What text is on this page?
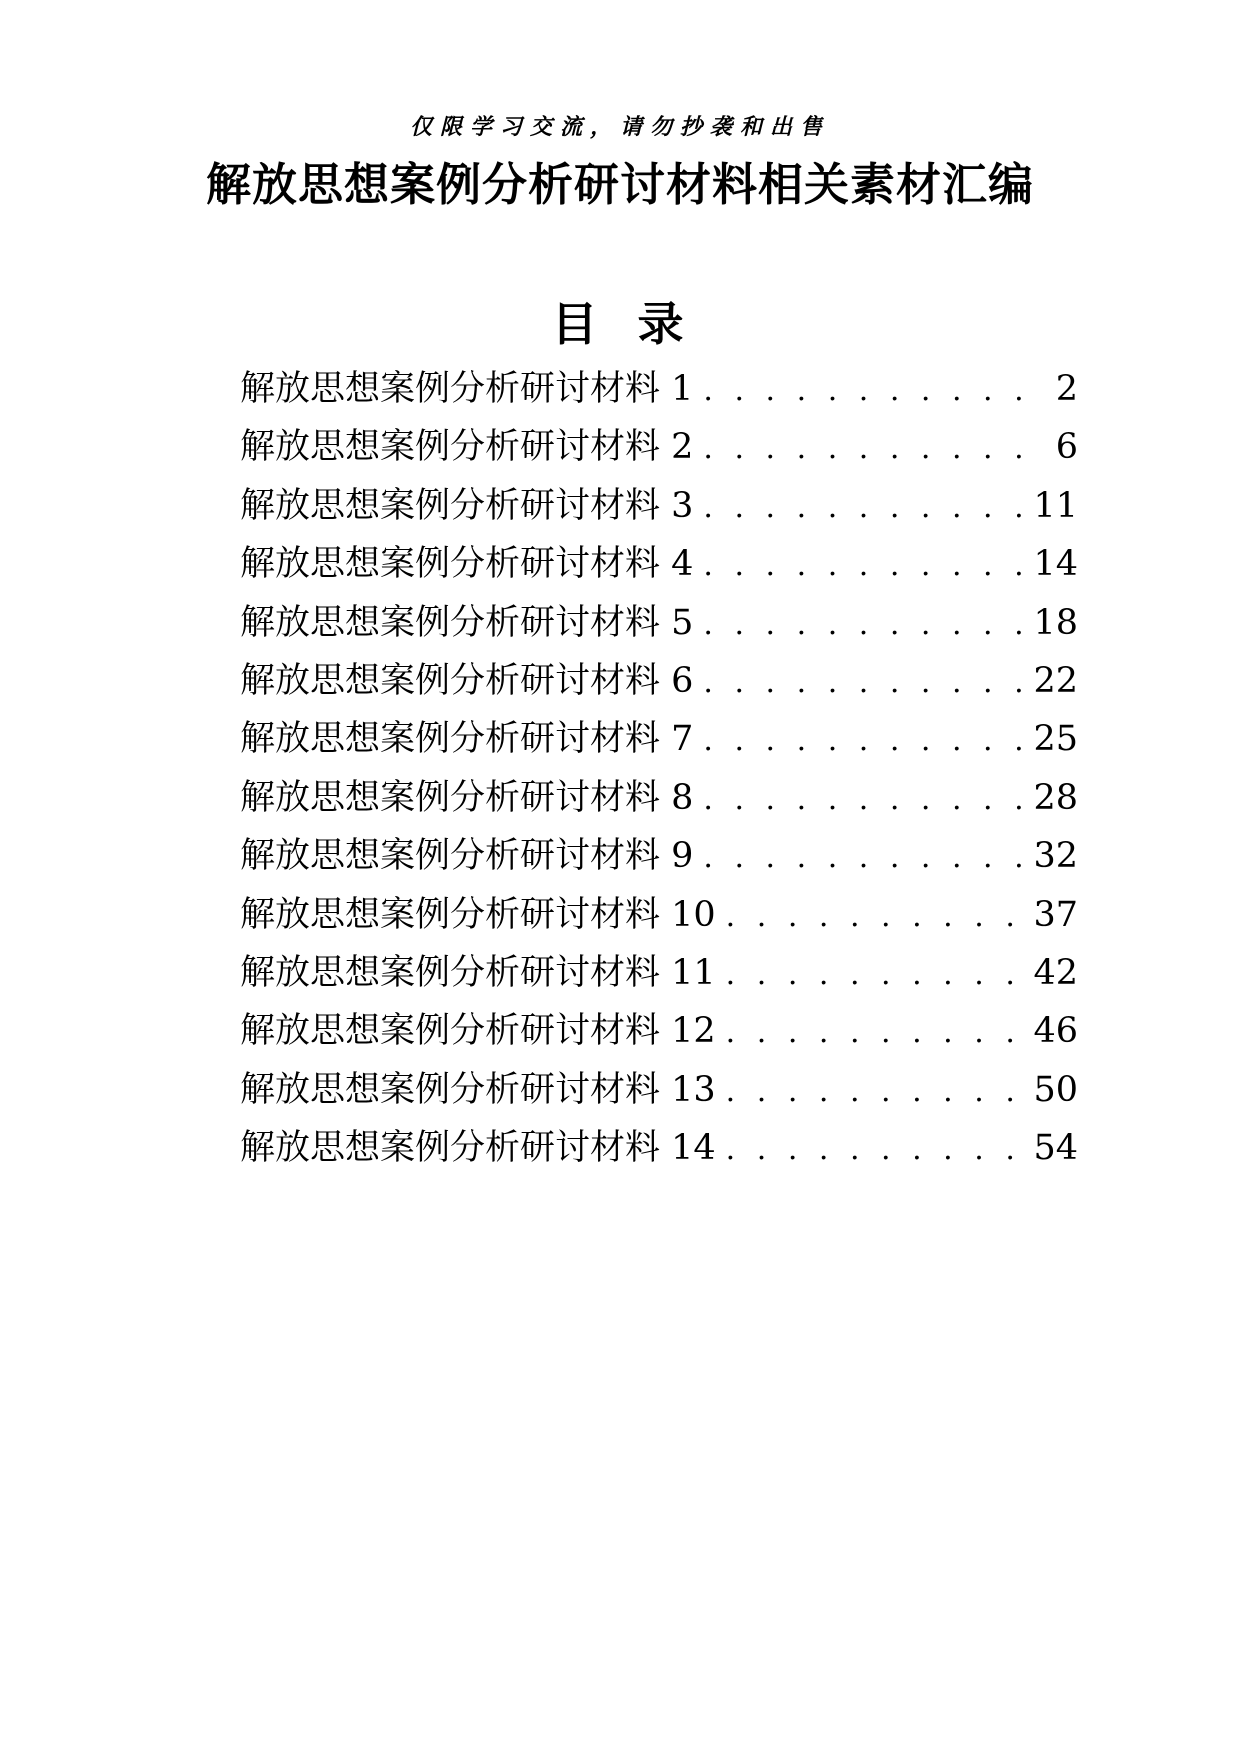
仅限学习交流，请勿抄袭和出售
解放思想案例分析研讨材料相关素材汇编
目录
解放思想案例分析研讨材料 1 . . .	2
解放思想案例分析研讨材料 2 . . .	6
解放思想案例分析研讨材料 3 . . .	11
解放思想案例分析研讨材料 4 . . .	14
解放思想案例分析研讨材料 5 . . .	18
解放思想案例分析研讨材料 6 . . .	22
解放思想案例分析研讨材料 7 . . .	25
解放思想案例分析研讨材料 8 . . .	28
解放思想案例分析研讨材料 9 . . .	32
解放思想案例分析研讨材料 10 . . .	37
解放思想案例分析研讨材料 11 . . .	42
解放思想案例分析研讨材料 12 . . .	46
解放思想案例分析研讨材料 13 . . .	50
解放思想案例分析研讨材料 14 . . .	54
